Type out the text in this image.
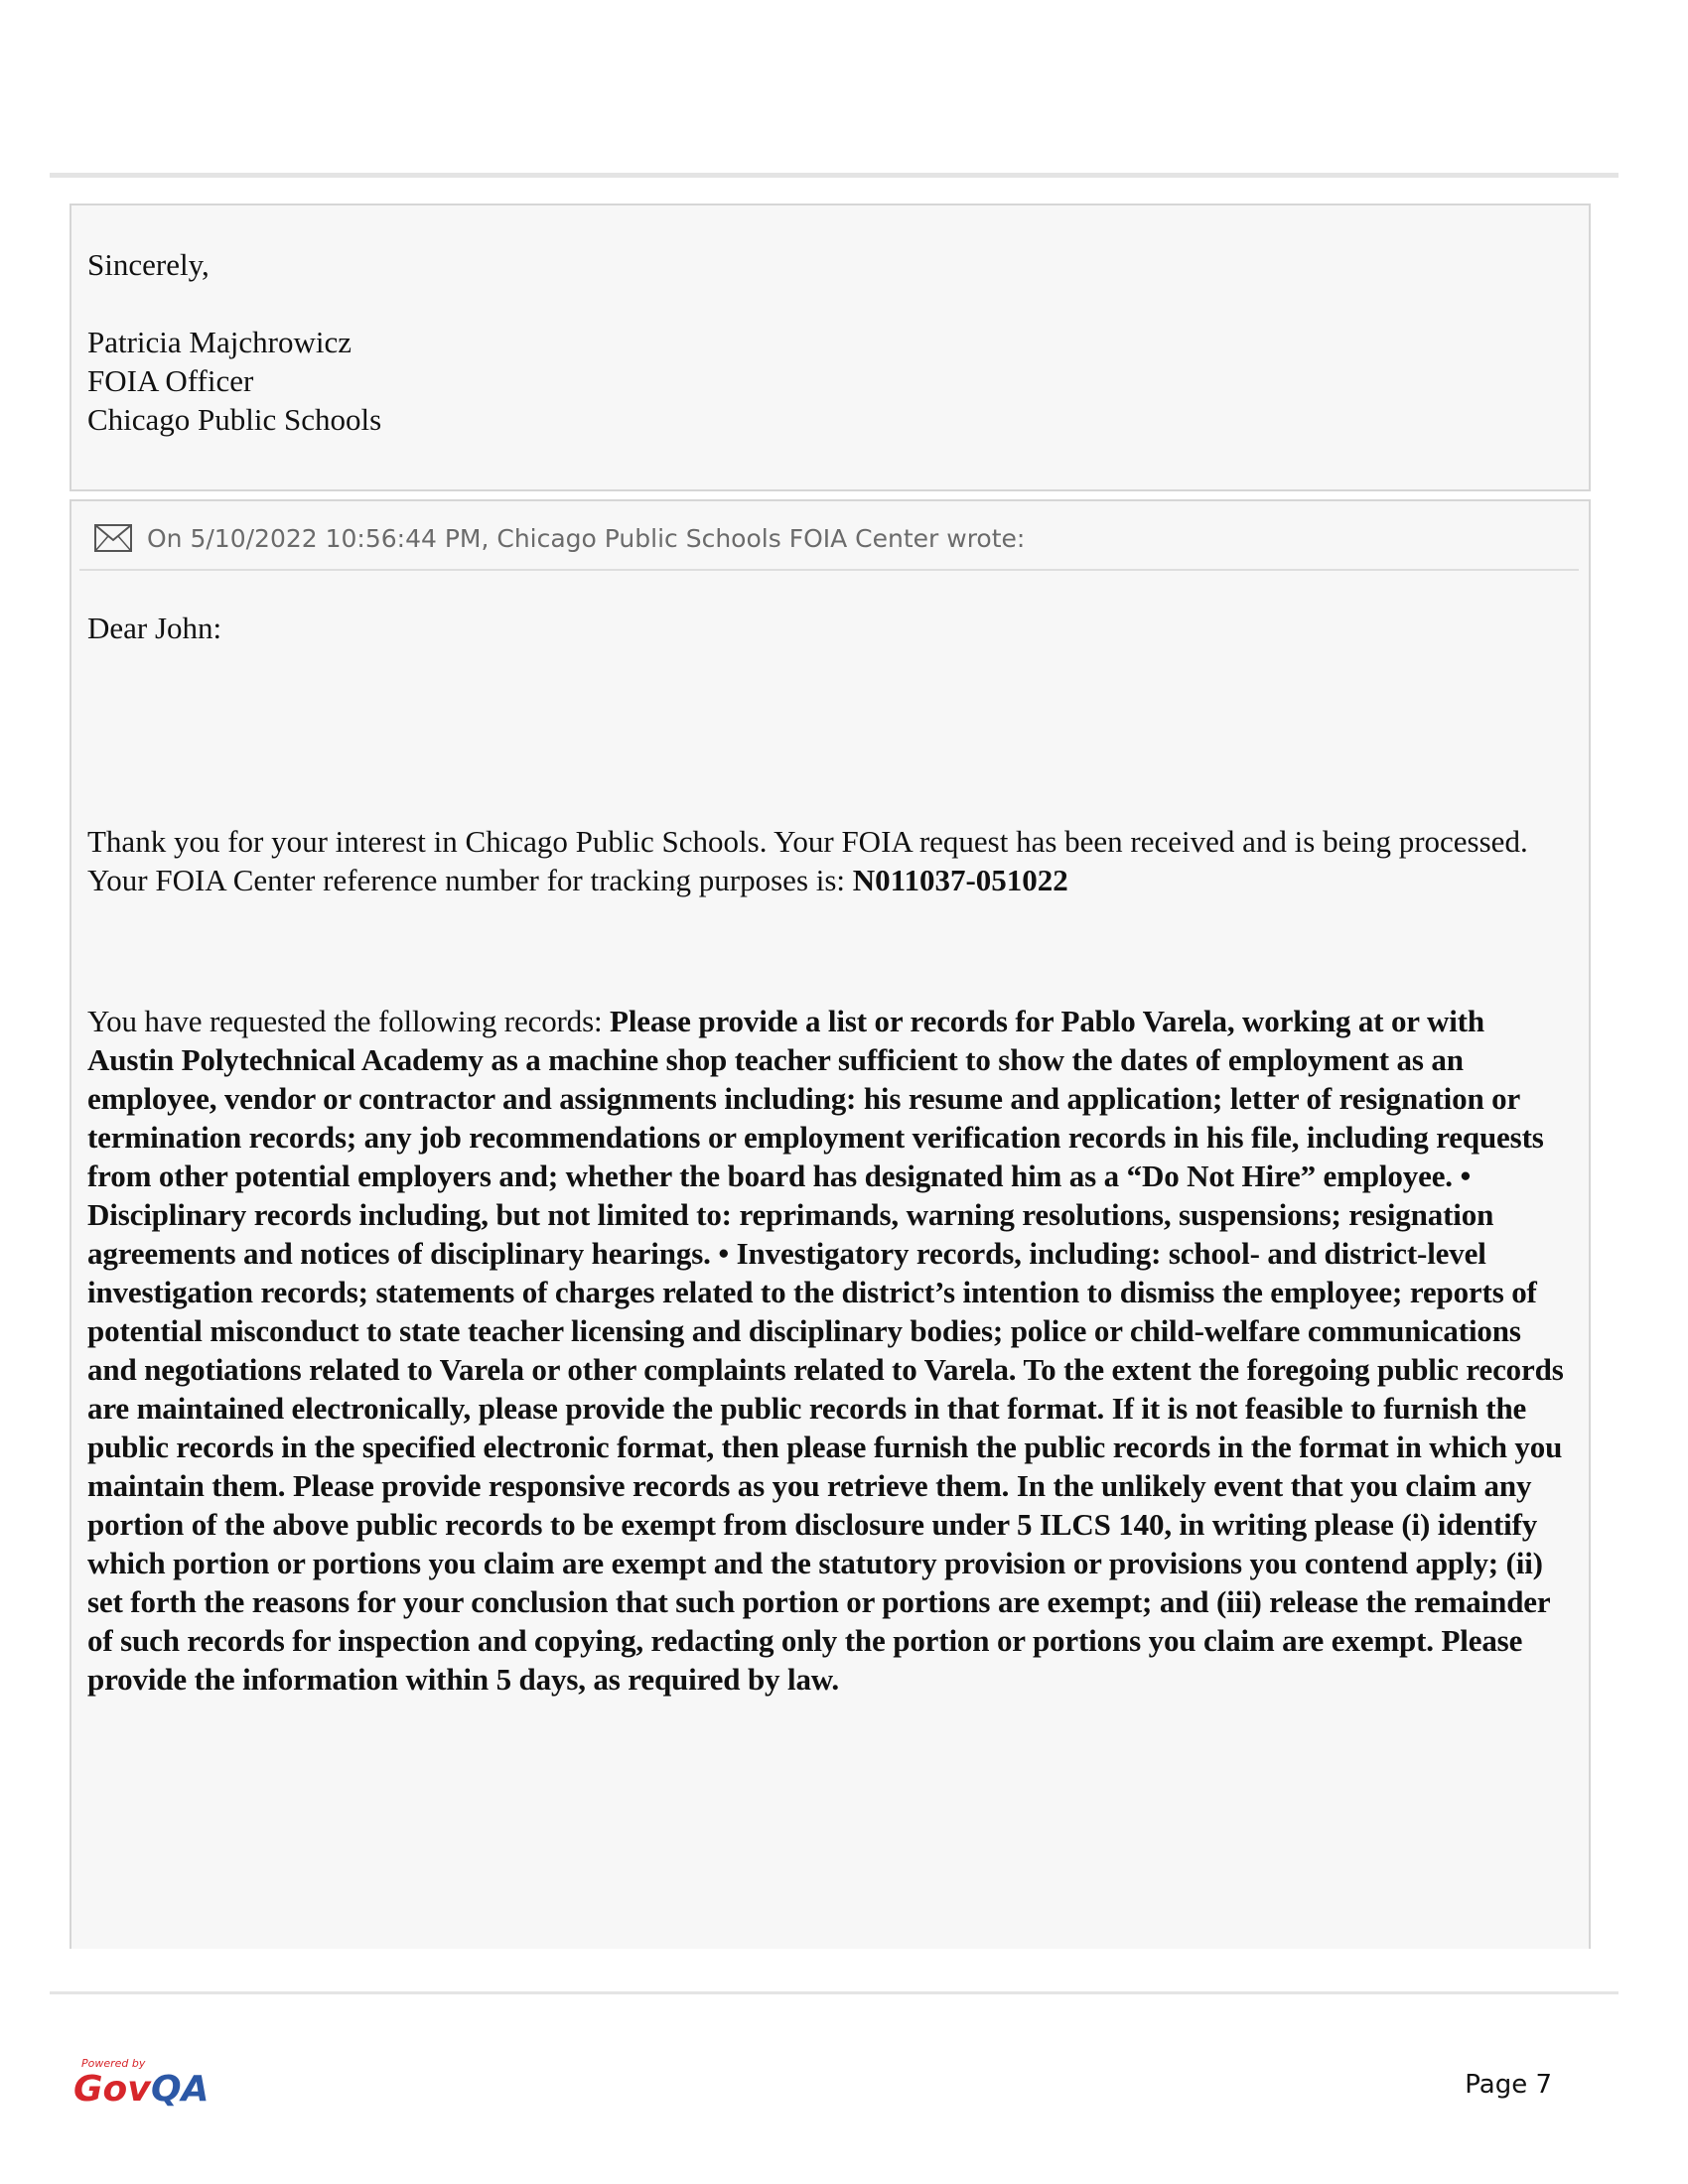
Sincerely,
Patricia Majchrowicz
FOIA Officer
Chicago Public Schools
On 5/10/2022 10:56:44 PM, Chicago Public Schools FOIA Center wrote:
Dear John:
Thank you for your interest in Chicago Public Schools. Your FOIA request has been received and is being processed. Your FOIA Center reference number for tracking purposes is: N011037-051022
You have requested the following records: Please provide a list or records for Pablo Varela, working at or with Austin Polytechnical Academy as a machine shop teacher sufficient to show the dates of employment as an employee, vendor or contractor and assignments including: his resume and application; letter of resignation or termination records; any job recommendations or employment verification records in his file, including requests from other potential employers and; whether the board has designated him as a “Do Not Hire” employee. • Disciplinary records including, but not limited to: reprimands, warning resolutions, suspensions; resignation agreements and notices of disciplinary hearings. • Investigatory records, including: school- and district-level investigation records; statements of charges related to the district’s intention to dismiss the employee; reports of potential misconduct to state teacher licensing and disciplinary bodies; police or child-welfare communications and negotiations related to Varela or other complaints related to Varela. To the extent the foregoing public records are maintained electronically, please provide the public records in that format. If it is not feasible to furnish the public records in the specified electronic format, then please furnish the public records in the format in which you maintain them. Please provide responsive records as you retrieve them. In the unlikely event that you claim any portion of the above public records to be exempt from disclosure under 5 ILCS 140, in writing please (i) identify which portion or portions you claim are exempt and the statutory provision or provisions you contend apply; (ii) set forth the reasons for your conclusion that such portion or portions are exempt; and (iii) release the remainder of such records for inspection and copying, redacting only the portion or portions you claim are exempt. Please provide the information within 5 days, as required by law.
Powered by
Gov QA	Page 7
